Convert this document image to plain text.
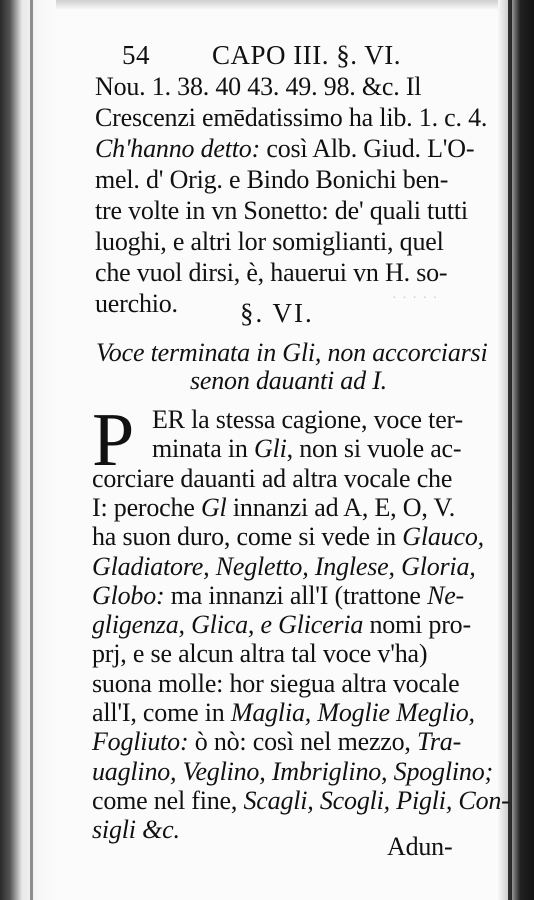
54 CAPO III. §. VI.
Nou. 1. 38. 40 43. 49. 98. &c. Il
Crescenzi emēdatissimo ha lib. 1. c. 4.
Ch'hanno detto: così Alb. Giud. L'O-
mel. d' Orig. e Bindo Bonichi ben-
tre volte in vn Sonetto: de' quali tutti
luoghi, e altri lor somiglianti, quel
che vuol dirsi, è, hauerui vn H. so-
uerchio.	· · · · ·
§. VI.
Voce terminata in Gli, non accorciarsi
senon dauanti ad I.
P ER la stessa cagione, voce ter-
minata in Gli, non si vuole ac-
corciare dauanti ad altra vocale che
I: peroche Gl innanzi ad A, E, O, V.
ha suon duro, come si vede in Glauco,
Gladiatore, Negletto, Inglese, Gloria,
Globo: ma innanzi all'I (trattone Ne-
gligenza, Glica, e Gliceria nomi pro-
prj, e se alcun altra tal voce v'ha)
suona molle: hor siegua altra vocale
all'I, come in Maglia, Moglie Meglio,
Fogliuto: ò nò: così nel mezzo, Tra-
uaglino, Veglino, Imbriglino, Spoglino;
come nel fine, Scagli, Scogli, Pigli, Con-
sigli &c.
Adun-
